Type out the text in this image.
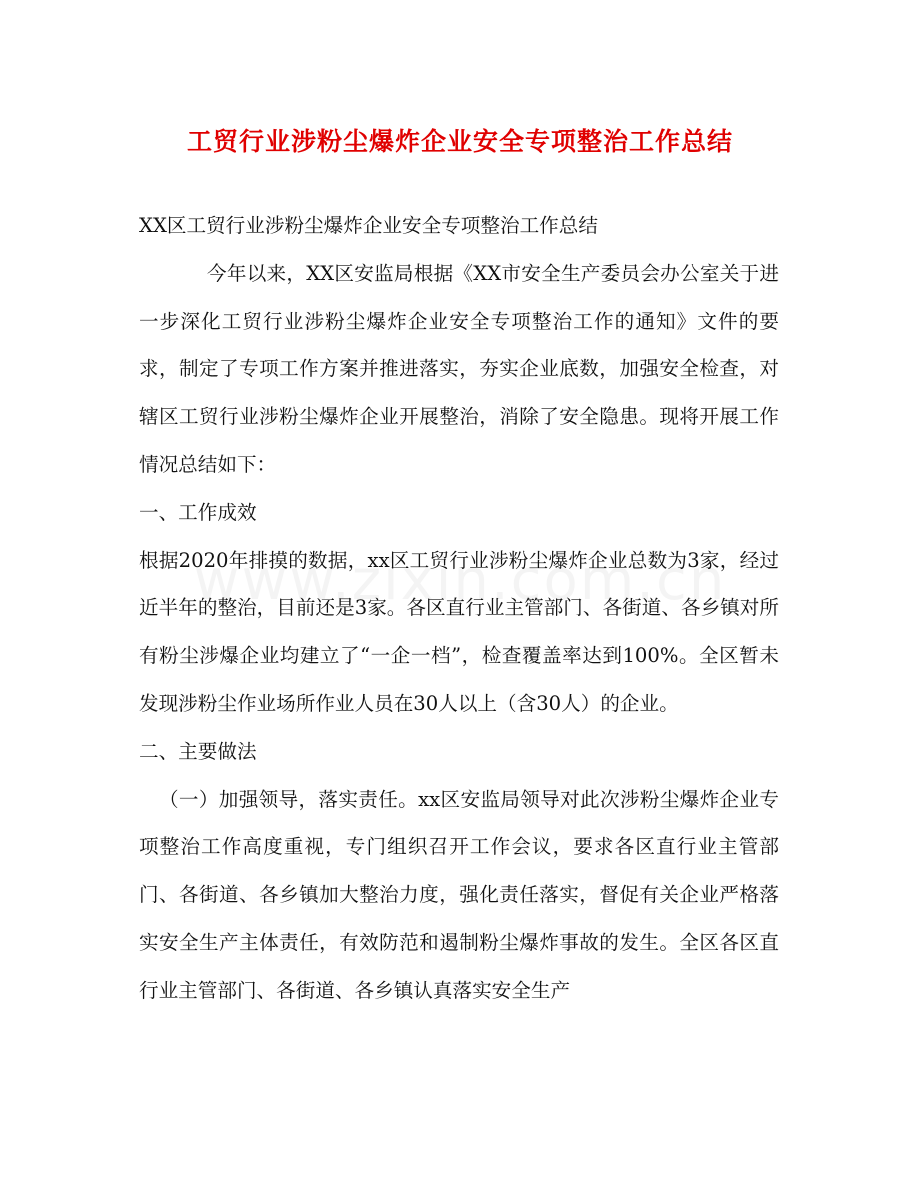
工贸行业涉粉尘爆炸企业安全专项整治工作总结

XX区工贸行业涉粉尘爆炸企业安全专项整治工作总结

今年以来，XX区安监局根据《XX市安全生产委员会办公室关于进一步深化工贸行业涉粉尘爆炸企业安全专项整治工作的通知》文件的要求，制定了专项工作方案并推进落实，夯实企业底数，加强安全检查，对辖区工贸行业涉粉尘爆炸企业开展整治，消除了安全隐患。现将开展工作情况总结如下：

一、工作成效

根据2020年排摸的数据，xx区工贸行业涉粉尘爆炸企业总数为3家，经过近半年的整治，目前还是3家。各区直行业主管部门、各街道、各乡镇对所有粉尘涉爆企业均建立了“一企一档”，检查覆盖率达到100%。全区暂未发现涉粉尘作业场所作业人员在30人以上（含30人）的企业。

二、主要做法

（一）加强领导，落实责任。xx区安监局领导对此次涉粉尘爆炸企业专项整治工作高度重视，专门组织召开工作会议，要求各区直行业主管部门、各街道、各乡镇加大整治力度，强化责任落实，督促有关企业严格落实安全生产主体责任，有效防范和遏制粉尘爆炸事故的发生。全区各区直行业主管部门、各街道、各乡镇认真落实安全生产
